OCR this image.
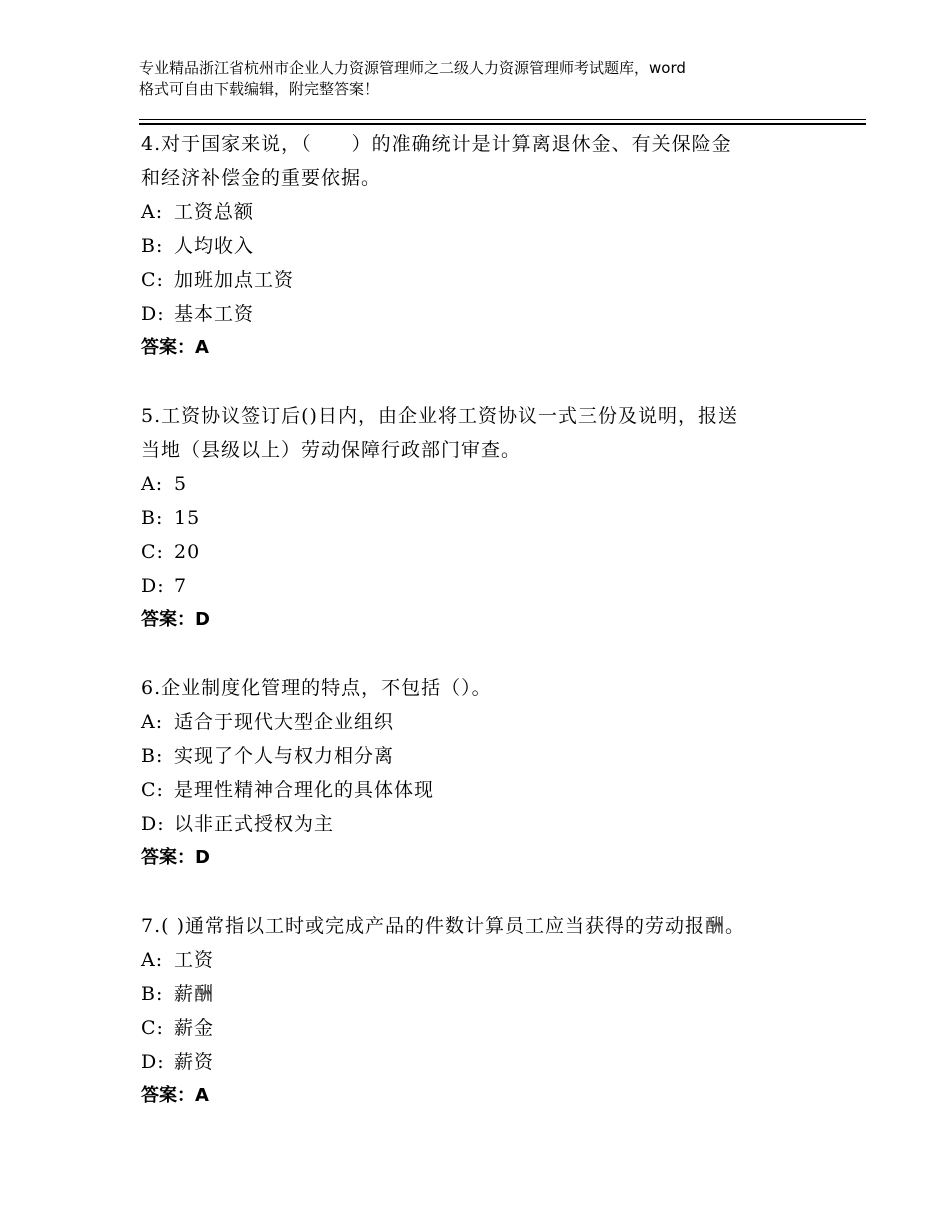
专业精品浙江省杭州市企业人力资源管理师之二级人力资源管理师考试题库，word
格式可自由下载编辑，附完整答案！
4.对于国家来说，（　　）的准确统计是计算离退休金、有关保险金
和经济补偿金的重要依据。
A: 工资总额
B: 人均收入
C: 加班加点工资
D: 基本工资
答案：A
5.工资协议签订后()日内，由企业将工资协议一式三份及说明，报送
当地（县级以上）劳动保障行政部门审查。
A: 5
B: 15
C: 20
D: 7
答案：D
6.企业制度化管理的特点，不包括（）。
A: 适合于现代大型企业组织
B: 实现了个人与权力相分离
C: 是理性精神合理化的具体体现
D: 以非正式授权为主
答案：D
7.( )通常指以工时或完成产品的件数计算员工应当获得的劳动报酬。
A: 工资
B: 薪酬
C: 薪金
D: 薪资
答案：A
